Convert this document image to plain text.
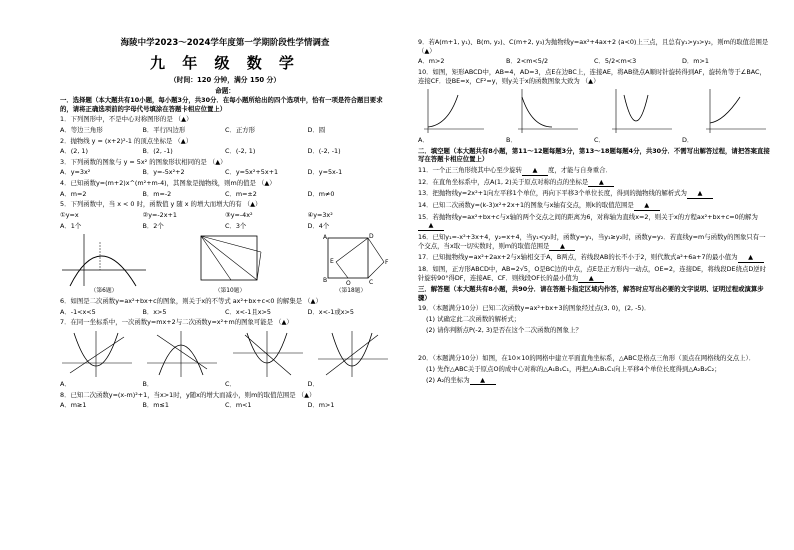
海陵中学2023～2024学年度第一学期阶段性学情调查
九 年 级 数 学
（时间：120 分钟，满分 150 分）
命题：

一．选择题（本大题共有10小题，每小题3分，共30分．在每小题所给出的四个选项中，恰有一项是符合题目要求的，请将正确选项前的字母代号填涂在答题卡相应位置上）

1．下列图形中，不是中心对称图形的是 （▲）

A．等边三角形	B．平行四边形	C．正方形	D．圆

2．抛物线 y = (x+2)²-1 的顶点坐标是 （▲）

A．(2, 1)	B．(2, -1)	C．(-2, 1)	D．(-2, -1)

3．下列函数的图象与 y = 5x² 的图象形状相同的是 （▲）

A．y=3x²	B．y=-5x²+2	C．y=5x²+5x+1	D．y=5x-1

4．已知函数y=(m+2)x^(m²+m-4)，其图象是抛物线，则m的值是 （▲）

A．m=2	B．m=-2	C．m=±2	D．m≠0

5．下列函数中，当 x < 0 时，函数值 y 随 x 的增大而增大的有 （▲）

①y=x	②y=-2x+1	③y=-4x²	④y=3x²
A．1个	B．2个	C．3个	D．4个
（第6题）	（第10题）
A
B	C
D
E	F
O
（第18题）

6．如图是二次函数y=ax²+bx+c的图象，则关于x的不等式 ax²+bx+c<0 的解集是 （▲）

A．-1<x<5	B．x>5	C．x<-1且x>5	D．x<-1或x>5

7．在同一坐标系中，一次函数y=mx+2与二次函数y=x²+m的图象可能是 （▲）

A．	B．	C．	D．

8．已知二次函数y=(x-m)²+1，当x>1时，y随x的增大而减小，则m的取值范围是 （▲）

A．m≥1	B．m≤1	C．m<1	D．m>1

9．若A(m+1, y₁)、B(m, y₂)、C(m+2, y₃)为抛物线y=ax²+4ax+2 (a<0)上三点，且总有y₁>y₃>y₂，则m的取值范围是 （▲）

A．m>2	B．2<m<5/2	C．5/2<m<3	D．m>1

10．如图，矩形ABCD中，AB=4，AD=3，点E在边BC上，连接AE，将AB绕点A顺时针旋转得到AF，旋转角等于∠BAC，连接CF．设BE=x，CF²=y，则y关于x的函数图象大致为 （▲）

A．	B．	C．	D．

二．填空题（本大题共有8小题，第11～12题每题3分，第13～18题每题4分，共30分．不需写出解答过程，请把答案直接写在答题卡相应位置上）

11．一个正三角形绕其中心至少旋转 ▲ 度，才能与自身重合．

12．在直角坐标系中，点A(1, 2)关于原点对称的点的坐标是 ▲

13．把抛物线y=2x²+1向左平移1个单位，再向下平移3个单位长度，得到的抛物线的解析式为 ▲

14．已知二次函数y=(k-3)x²+2x+1的图象与x轴有交点，则k的取值范围是 ▲

15．若抛物线y=ax²+bx+c与x轴的两个交点之间的距离为6，对称轴为直线x=2，则关于x的方程ax²+bx+c=0的解为▲

16．已知y₁=-x²+3x+4，y₂=x+4，当y₁<y₂时，函数y=y₁，当y₁≥y₂时，函数y=y₂．若直线y=m与函数y的图象只有一个交点，当x取一切实数时，则m的取值范围是 ▲

17．已知抛物线y=ax²+2ax+2与x轴相交于A，B两点，若线段AB的长不小于2，则代数式a²+6a+7的最小值为 ▲

18．如图，正方形ABCD中，AB=2√5，O是BC边的中点，点E是正方形内一动点，OE=2，连接DE，将线段DE绕点D逆时针旋转90°得DF，连接AE、CF．则线段OF长的最小值为 ▲

三．解答题（本大题共有8小题，共90分．请在答题卡指定区域内作答，解答时应写出必要的文字说明、证明过程或演算步骤）

19．（本题满分10分）已知二次函数y=ax²+bx+3的图象经过点(3, 0)，(2, -5)．

(1) 试确定此二次函数的解析式；

(2) 请你判断点P(-2, 3)是否在这个二次函数的图象上？

20．（本题满分10分）如图，在10×10的网格中建立平面直角坐标系，△ABC是格点三角形（顶点在网格线的交点上）．

(1) 先作△ABC关于原点O的成中心对称的△A₁B₁C₁，再把△A₁B₁C₁向上平移4个单位长度得到△A₂B₂C₂；

(2) A₂的坐标为 ▲
